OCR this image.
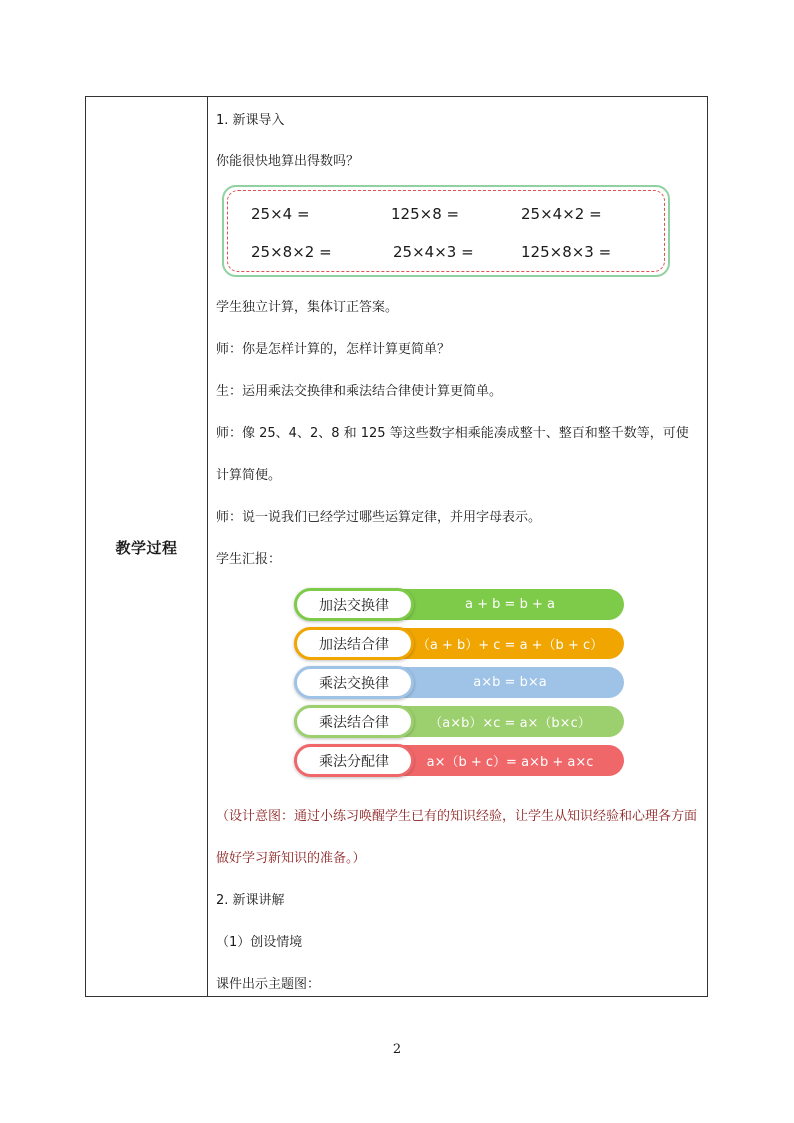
教学过程
1. 新课导入
你能很快地算出得数吗？
25×4 =	125×8 =	25×4×2 =
25×8×2 =	25×4×3 =	125×8×3 =
学生独立计算，集体订正答案。
师：你是怎样计算的，怎样计算更简单？
生：运用乘法交换律和乘法结合律使计算更简单。
师：像 25、4、2、8 和 125 等这些数字相乘能凑成整十、整百和整千数等，可使计算简便。
师：说一说我们已经学过哪些运算定律，并用字母表示。
学生汇报：
a + b = b + a
加法交换律
（a + b）+ c = a +（b + c）
加法结合律
a×b = b×a
乘法交换律
（a×b）×c = a×（b×c）
乘法结合律
a×（b + c）= a×b + a×c
乘法分配律
（设计意图：通过小练习唤醒学生已有的知识经验，让学生从知识经验和心理各方面做好学习新知识的准备。）
2. 新课讲解
（1）创设情境
课件出示主题图：
2
